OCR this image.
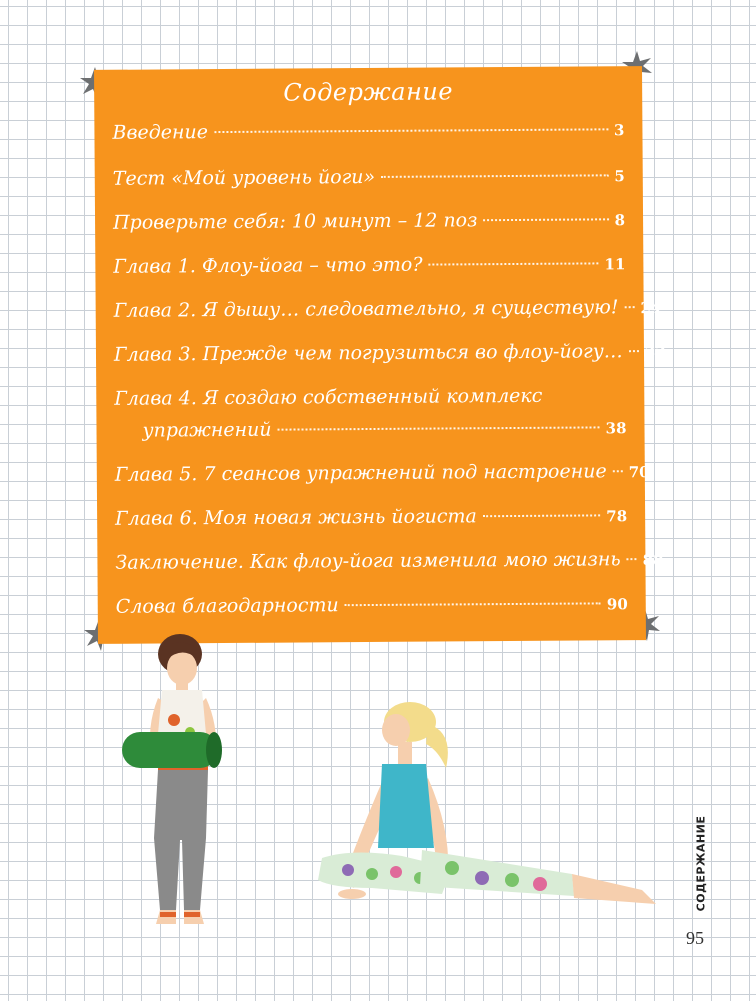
Содержание
Введение	3
Тест «Мой уровень йоги»	5
Проверьте себя: 10 минут – 12 поз	8
Глава 1. Флоу-йога – что это?	11
Глава 2. Я дышу… следовательно, я существую! 24
Глава 3. Прежде чем погрузиться во флоу-йогу… 33
Глава 4. Я создаю собственный комплекс
упражнений	38
Глава 5. 7 сеансов упражнений под настроение 70
Глава 6. Моя новая жизнь йогиста	78
Заключение. Как флоу-йога изменила мою жизнь 88
Слова благодарности	90
СОДЕРЖАНИЕ
95
